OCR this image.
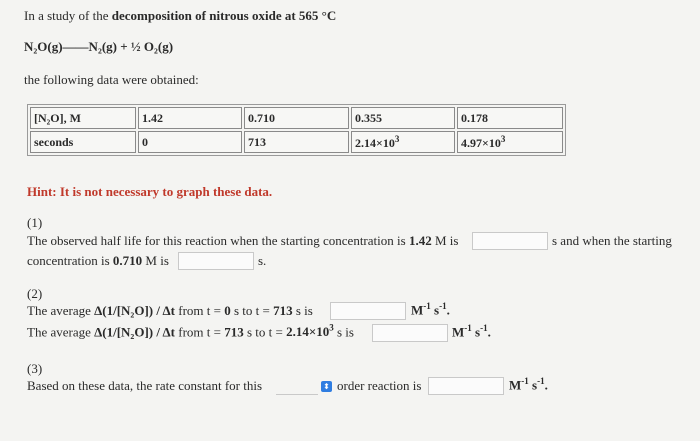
In a study of the decomposition of nitrous oxide at 565 °C
N₂O(g)——N₂(g) + ½ O₂(g)
the following data were obtained:
[N₂O], M	1.42	0.710	0.355	0.178
seconds	0	713	$2.14\times 10^3$	$4.97\times 10^3$
Hint: It is not necessary to graph these data.
(1)
The observed half life for this reaction when the starting concentration is 1.42 M is	s and when the starting
concentration is 0.710 M is	s.
(2)
The average Δ(1/[N₂O]) / Δt from t = 0 s to t = 713 s is	$M^{-1}$ $s^{-1}$.
The average Δ(1/[N₂O]) / Δt from t = 713 s to $t = 2.14\times 10^3$ s is	$M^{-1}$ $s^{-1}$.
(3)
Based on these data, the rate constant for this	⬍ order reaction is	$M^{-1}$ $s^{-1}$.
